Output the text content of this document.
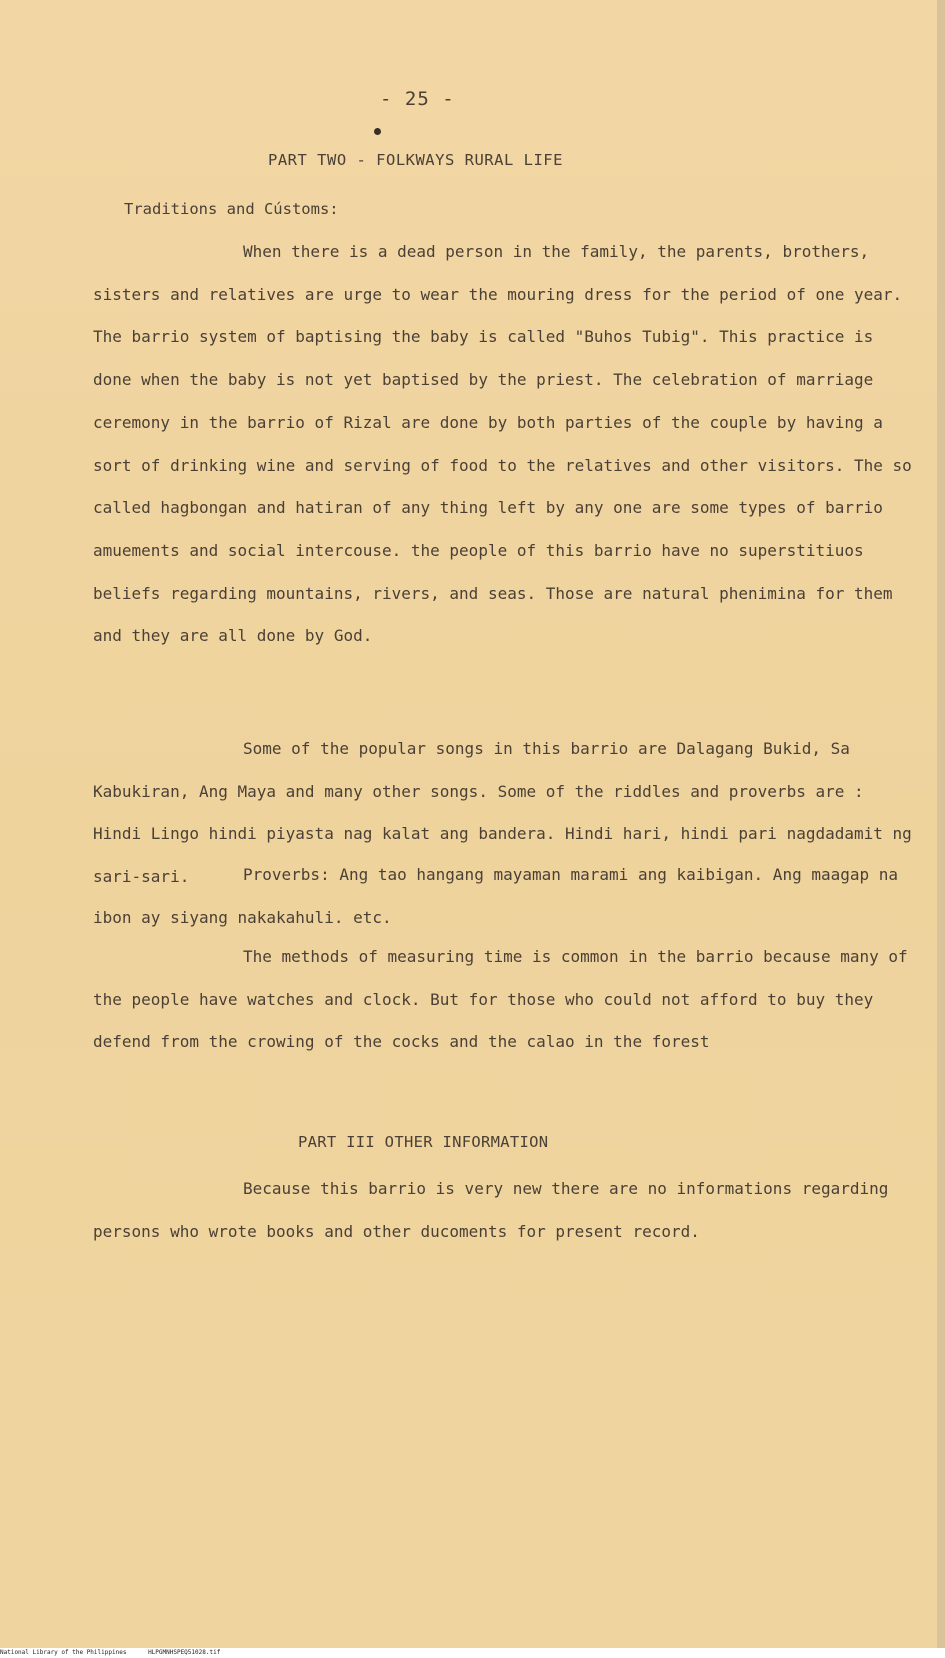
- 25 -
PART TWO - FOLKWAYS RURAL LIFE
Traditions and Cústoms:
When there is a dead person in the family, the parents, brothers, sisters and relatives are urge to wear the mouring dress for the period of one year. The barrio system of baptising the baby is called "Buhos Tubig". This practice is done when the baby is not yet baptised by the priest. The celebration of marriage ceremony in the barrio of Rizal are done by both parties of the couple by having a sort of drinking wine and serving of food to the relatives and other visitors. The so called hagbongan and hatiran of any thing left by any one are some types of barrio amuements and social intercouse. the people of this barrio have no superstitiuos beliefs regarding mountains, rivers, and seas. Those are natural phenimina for them and they are all done by God.
Some of the popular songs in this barrio are Dalagang Bukid, Sa Kabukiran, Ang Maya and many other songs. Some of the riddles and proverbs are : Hindi Lingo hindi piyasta nag kalat ang bandera. Hindi hari, hindi pari nagdadamit ng sari-sari.	Proverbs: Ang tao hangang mayaman marami ang kaibigan. Ang maagap na ibon ay siyang nakakahuli. etc.
The methods of measuring time is common in the barrio because many of the people have watches and clock. But for those who could not afford to buy they defend from the crowing of the cocks and the calao in the forest
PART III OTHER INFORMATION
Because this barrio is very new there are no informations regarding persons who wrote books and other ducoments for present record.
National Library of the Philippines	HLPGMNHSPEQ51028.tif
